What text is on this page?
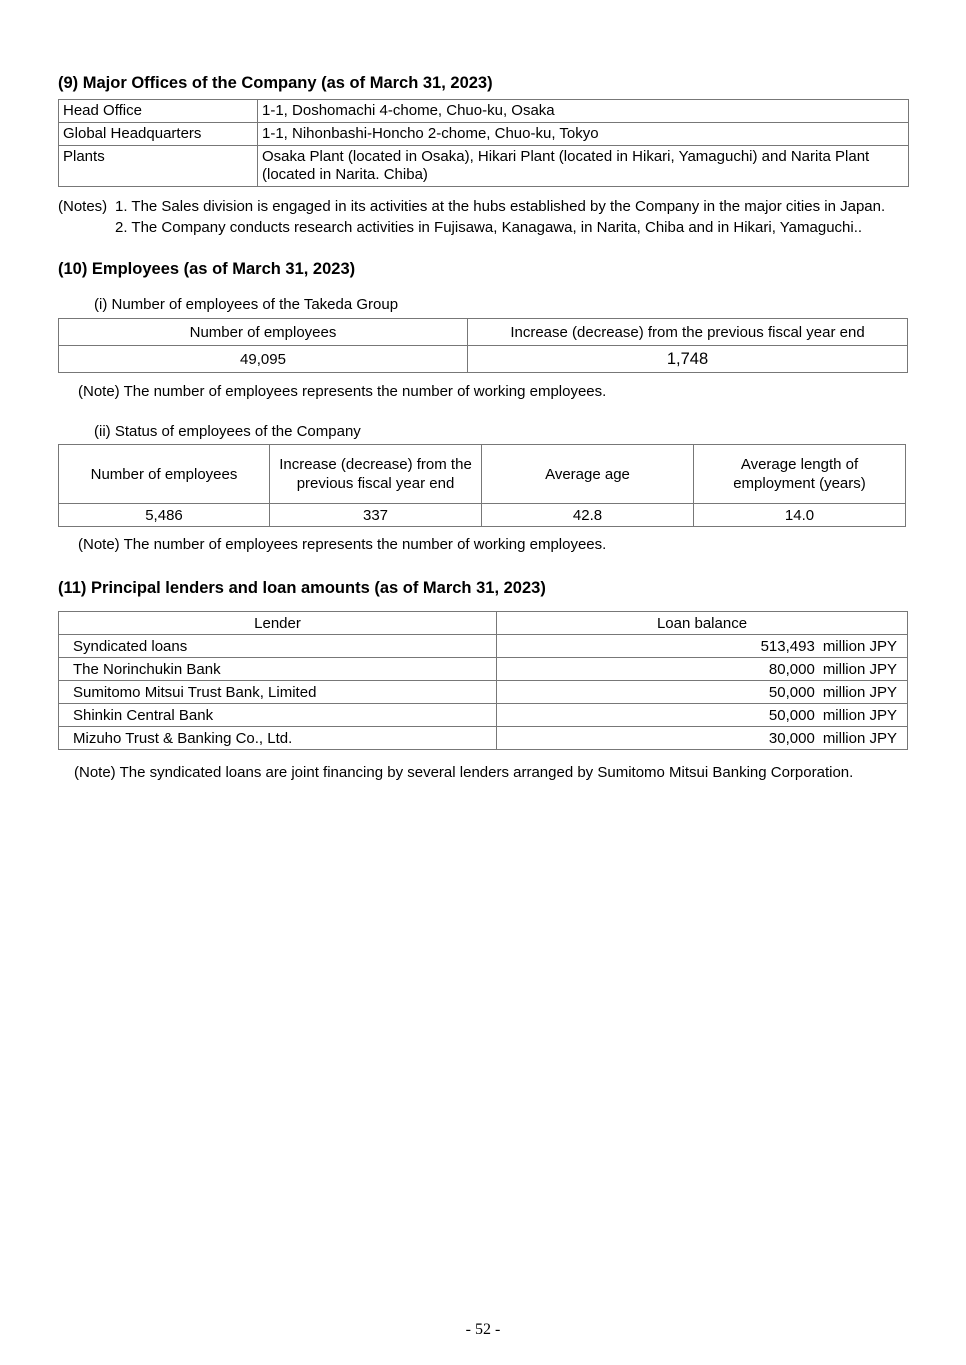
(9) Major Offices of the Company (as of March 31, 2023)
Head Office	1-1, Doshomachi 4-chome, Chuo-ku, Osaka
Global Headquarters	1-1, Nihonbashi-Honcho 2-chome, Chuo-ku, Tokyo
Plants	Osaka Plant (located in Osaka), Hikari Plant (located in Hikari, Yamaguchi) and Narita Plant (located in Narita. Chiba)
(Notes) 1. The Sales division is engaged in its activities at the hubs established by the Company in the major cities in Japan.
2. The Company conducts research activities in Fujisawa, Kanagawa, in Narita, Chiba and in Hikari, Yamaguchi..
(10) Employees (as of March 31, 2023)
(i) Number of employees of the Takeda Group
Number of employees	Increase (decrease) from the previous fiscal year end
49,095	1,748
(Note) The number of employees represents the number of working employees.
(ii) Status of employees of the Company
Number of employees	Increase (decrease) from the previous fiscal year end	Average age	Average length of employment (years)
5,486	337	42.8	14.0
(Note) The number of employees represents the number of working employees.
(11) Principal lenders and loan amounts (as of March 31, 2023)
Lender	Loan balance
Syndicated loans	513,493 million JPY
The Norinchukin Bank	80,000 million JPY
Sumitomo Mitsui Trust Bank, Limited	50,000 million JPY
Shinkin Central Bank	50,000 million JPY
Mizuho Trust & Banking Co., Ltd.	30,000 million JPY
(Note) The syndicated loans are joint financing by several lenders arranged by Sumitomo Mitsui Banking Corporation.
- 52 -
